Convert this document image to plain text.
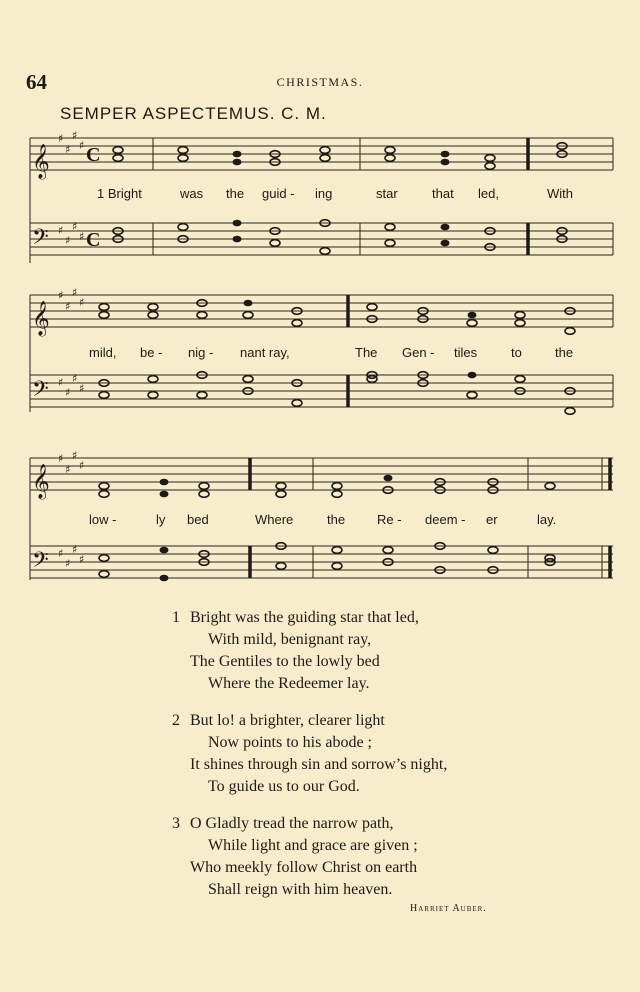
64	CHRISTMAS.
SEMPER ASPECTEMUS. C. M.
𝄞
♯
♯
♯
♯ C
1 Bright	was the guid - ing	star	that led,	With
𝄢 ♯
♯
♯
♯ C
𝄞
♯
♯
♯
♯
mild, be - nig - nant ray,	The Gen - tiles	to	the
𝄢 ♯
♯
♯
♯
𝄞
♯
♯
♯
♯
low -	ly bed	Where	the Re - deem - er	lay.
𝄢 ♯
♯
♯
♯
1 Bright was the guiding star that led,
With mild, benignant ray,
The Gentiles to the lowly bed
Where the Redeemer lay.
2 But lo! a brighter, clearer light
Now points to his abode ;
It shines through sin and sorrow’s night,
To guide us to our God.
3 O Gladly tread the narrow path,
While light and grace are given ;
Who meekly follow Christ on earth
Shall reign with him heaven.
Harriet Auber.
